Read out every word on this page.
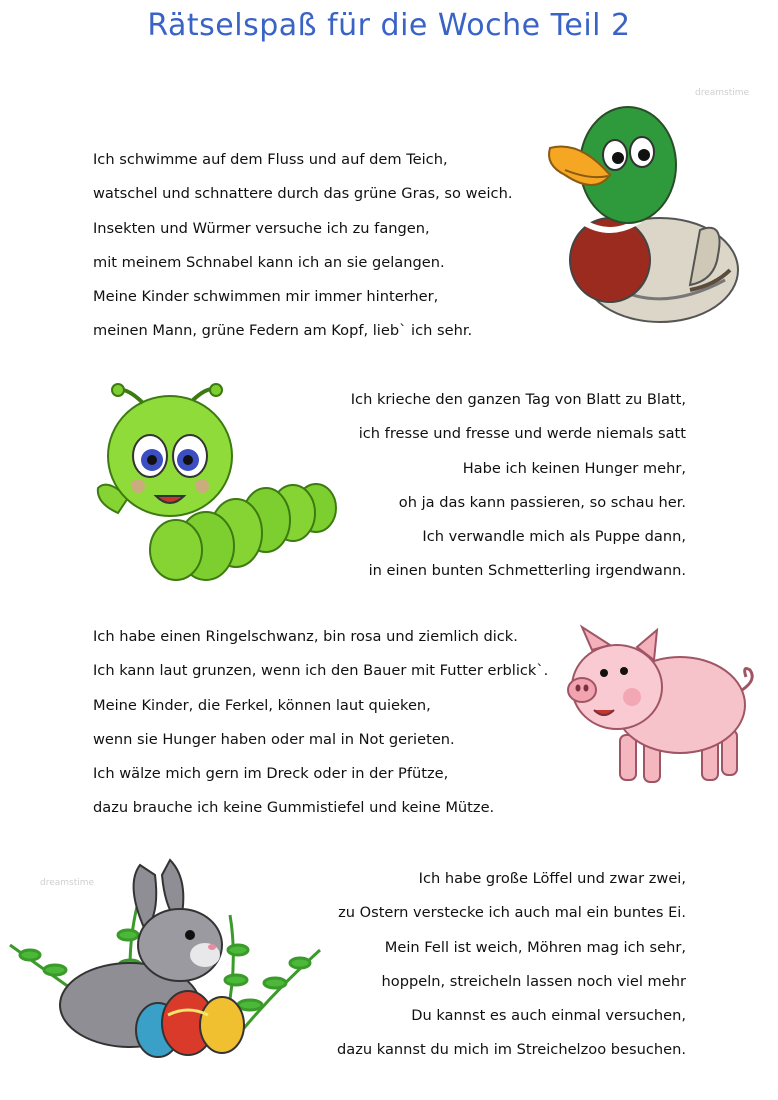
Rätselspaß für die Woche Teil 2
Ich schwimme auf dem Fluss und auf dem Teich,
watschel und schnattere durch das grüne Gras, so weich.
Insekten und Würmer versuche ich zu fangen,
mit meinem Schnabel kann ich an sie gelangen.
Meine Kinder schwimmen mir immer hinterher,
meinen Mann, grüne Federn am Kopf, lieb` ich sehr.
dreamstime
Ich krieche den ganzen Tag von Blatt zu Blatt,
ich fresse und fresse und werde niemals satt
Habe ich keinen Hunger mehr,
oh ja das kann passieren, so schau her.
Ich verwandle mich als Puppe dann,
in einen bunten Schmetterling irgendwann.
Ich habe einen Ringelschwanz, bin rosa und ziemlich dick.
Ich kann laut grunzen, wenn ich den Bauer mit Futter erblick`.
Meine Kinder, die Ferkel, können laut quieken,
wenn sie Hunger haben oder mal in Not gerieten.
Ich wälze mich gern im Dreck oder in der Pfütze,
dazu brauche ich keine Gummistiefel und keine Mütze.
Ich habe große Löffel und zwar zwei,
zu Ostern verstecke ich auch mal ein buntes Ei.
Mein Fell ist weich, Möhren mag ich sehr,
hoppeln, streicheln lassen noch viel mehr
Du kannst es auch einmal versuchen,
dazu kannst du mich im Streichelzoo besuchen.
dreamstime
